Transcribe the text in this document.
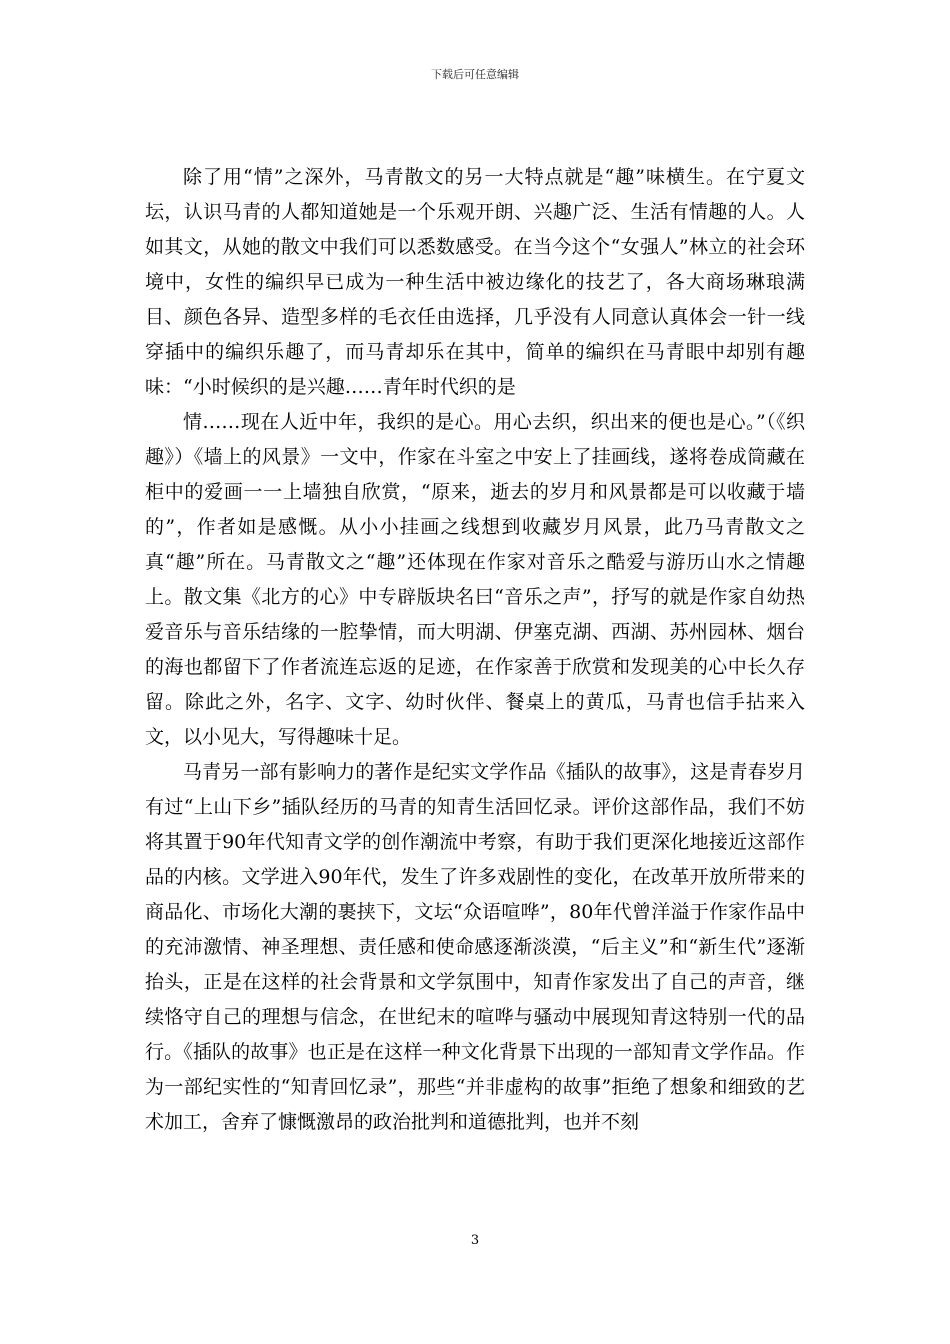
下载后可任意编辑

除了用“情”之深外，马青散文的另一大特点就是“趣”味横生。在宁夏文坛，认识马青的人都知道她是一个乐观开朗、兴趣广泛、生活有情趣的人。人如其文，从她的散文中我们可以悉数感受。在当今这个“女强人”林立的社会环境中，女性的编织早已成为一种生活中被边缘化的技艺了，各大商场琳琅满目、颜色各异、造型多样的毛衣任由选择，几乎没有人同意认真体会一针一线穿插中的编织乐趣了，而马青却乐在其中，简单的编织在马青眼中却别有趣味：“小时候织的是兴趣……青年时代织的是

情……现在人近中年，我织的是心。用心去织，织出来的便也是心。”（《织趣》）《墙上的风景》一文中，作家在斗室之中安上了挂画线，遂将卷成筒藏在柜中的爱画一一上墙独自欣赏，“原来，逝去的岁月和风景都是可以收藏于墙的”，作者如是感慨。从小小挂画之线想到收藏岁月风景，此乃马青散文之真“趣”所在。马青散文之“趣”还体现在作家对音乐之酷爱与游历山水之情趣上。散文集《北方的心》中专辟版块名曰“音乐之声”，抒写的就是作家自幼热爱音乐与音乐结缘的一腔挚情，而大明湖、伊塞克湖、西湖、苏州园林、烟台的海也都留下了作者流连忘返的足迹，在作家善于欣赏和发现美的心中长久存留。除此之外，名字、文字、幼时伙伴、餐桌上的黄瓜，马青也信手拈来入文，以小见大，写得趣味十足。

马青另一部有影响力的著作是纪实文学作品《插队的故事》，这是青春岁月有过“上山下乡”插队经历的马青的知青生活回忆录。评价这部作品，我们不妨将其置于90年代知青文学的创作潮流中考察，有助于我们更深化地接近这部作品的内核。文学进入90年代，发生了许多戏剧性的变化，在改革开放所带来的商品化、市场化大潮的裹挟下，文坛“众语喧哗”，80年代曾洋溢于作家作品中的充沛激情、神圣理想、责任感和使命感逐渐淡漠，“后主义”和“新生代”逐渐抬头，正是在这样的社会背景和文学氛围中，知青作家发出了自己的声音，继续恪守自己的理想与信念，在世纪末的喧哗与骚动中展现知青这特别一代的品行。《插队的故事》也正是在这样一种文化背景下出现的一部知青文学作品。作为一部纪实性的“知青回忆录”，那些“并非虚构的故事”拒绝了想象和细致的艺术加工，舍弃了慷慨激昂的政治批判和道德批判，也并不刻

3
